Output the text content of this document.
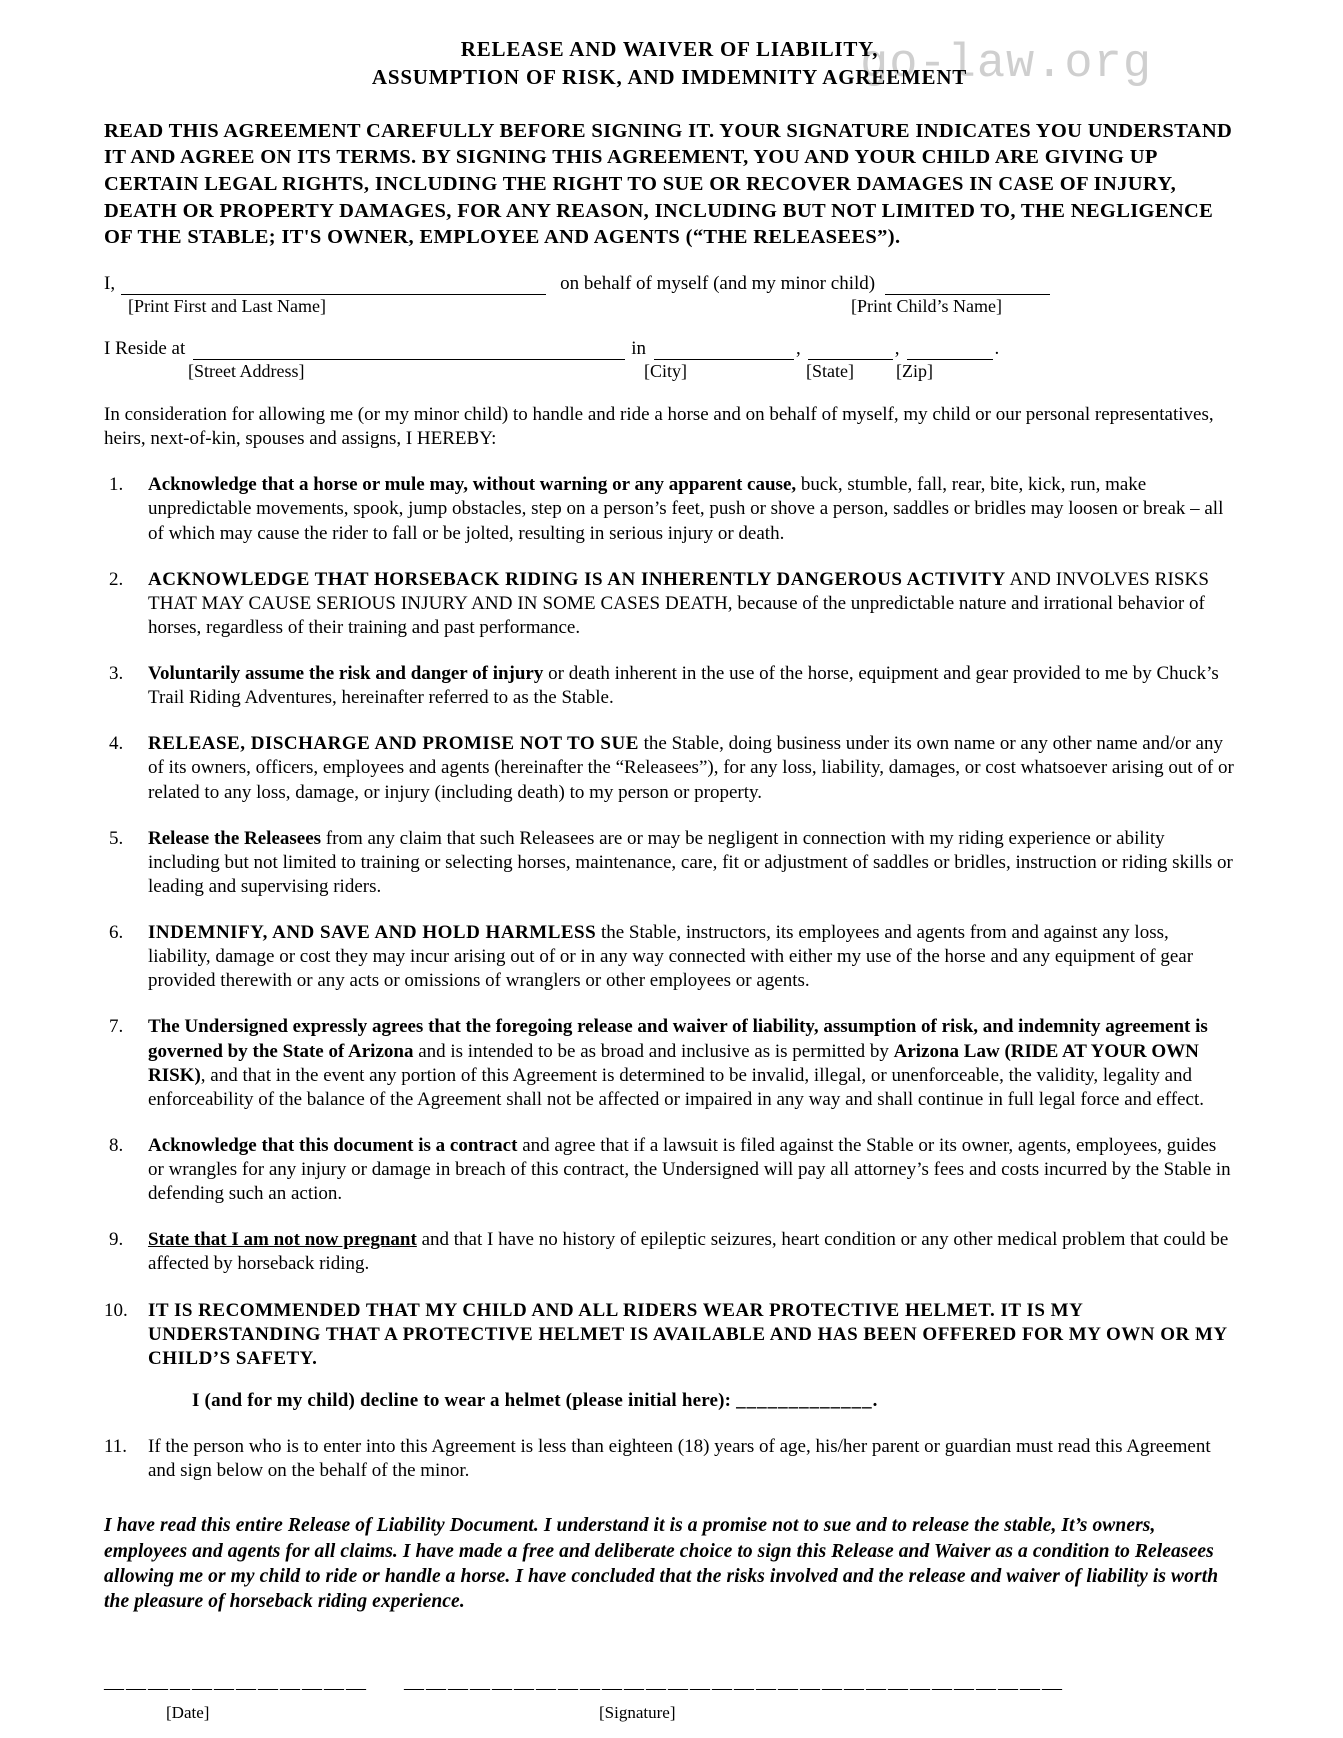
go-law.org
RELEASE AND WAIVER OF LIABILITY,
ASSUMPTION OF RISK, AND IMDEMNITY AGREEMENT
READ THIS AGREEMENT CAREFULLY BEFORE SIGNING IT. YOUR SIGNATURE INDICATES YOU UNDERSTAND IT AND AGREE ON ITS TERMS. BY SIGNING THIS AGREEMENT, YOU AND YOUR CHILD ARE GIVING UP CERTAIN LEGAL RIGHTS, INCLUDING THE RIGHT TO SUE OR RECOVER DAMAGES IN CASE OF INJURY, DEATH OR PROPERTY DAMAGES, FOR ANY REASON, INCLUDING BUT NOT LIMITED TO, THE NEGLIGENCE OF THE STABLE; IT'S OWNER, EMPLOYEE AND AGENTS (“THE RELEASEES”).
I,	on behalf of myself (and my minor child)
[Print First and Last Name]	[Print Child’s Name]
I Reside at	in	,	,	.
[Street Address]	[City]	[State] [Zip]
In consideration for allowing me (or my minor child) to handle and ride a horse and on behalf of myself, my child or our personal representatives, heirs, next-of-kin, spouses and assigns, I HEREBY:
1.	Acknowledge that a horse or mule may, without warning or any apparent cause, buck, stumble, fall, rear, bite, kick, run, make unpredictable movements, spook, jump obstacles, step on a person’s feet, push or shove a person, saddles or bridles may loosen or break – all of which may cause the rider to fall or be jolted, resulting in serious injury or death.
2.	ACKNOWLEDGE THAT HORSEBACK RIDING IS AN INHERENTLY DANGEROUS ACTIVITY AND INVOLVES RISKS THAT MAY CAUSE SERIOUS INJURY AND IN SOME CASES DEATH, because of the unpredictable nature and irrational behavior of horses, regardless of their training and past performance.
3.	Voluntarily assume the risk and danger of injury or death inherent in the use of the horse, equipment and gear provided to me by Chuck’s Trail Riding Adventures, hereinafter referred to as the Stable.
4.	RELEASE, DISCHARGE AND PROMISE NOT TO SUE the Stable, doing business under its own name or any other name and/or any of its owners, officers, employees and agents (hereinafter the “Releasees”), for any loss, liability, damages, or cost whatsoever arising out of or related to any loss, damage, or injury (including death) to my person or property.
5.	Release the Releasees from any claim that such Releasees are or may be negligent in connection with my riding experience or ability including but not limited to training or selecting horses, maintenance, care, fit or adjustment of saddles or bridles, instruction or riding skills or leading and supervising riders.
6.	INDEMNIFY, AND SAVE AND HOLD HARMLESS the Stable, instructors, its employees and agents from and against any loss, liability, damage or cost they may incur arising out of or in any way connected with either my use of the horse and any equipment of gear provided therewith or any acts or omissions of wranglers or other employees or agents.
7.	The Undersigned expressly agrees that the foregoing release and waiver of liability, assumption of risk, and indemnity agreement is governed by the State of Arizona and is intended to be as broad and inclusive as is permitted by Arizona Law (RIDE AT YOUR OWN RISK), and that in the event any portion of this Agreement is determined to be invalid, illegal, or unenforceable, the validity, legality and enforceability of the balance of the Agreement shall not be affected or impaired in any way and shall continue in full legal force and effect.
8.	Acknowledge that this document is a contract and agree that if a lawsuit is filed against the Stable or its owner, agents, employees, guides or wrangles for any injury or damage in breach of this contract, the Undersigned will pay all attorney’s fees and costs incurred by the Stable in defending such an action.
9.	State that I am not now pregnant and that I have no history of epileptic seizures, heart condition or any other medical problem that could be affected by horseback riding.
10.	IT IS RECOMMENDED THAT MY CHILD AND ALL RIDERS WEAR PROTECTIVE HELMET. IT IS MY UNDERSTANDING THAT A PROTECTIVE HELMET IS AVAILABLE AND HAS BEEN OFFERED FOR MY OWN OR MY CHILD’S SAFETY.
I (and for my child) decline to wear a helmet (please initial here): _____________.
11.	If the person who is to enter into this Agreement is less than eighteen (18) years of age, his/her parent or guardian must read this Agreement and sign below on the behalf of the minor.
I have read this entire Release of Liability Document. I understand it is a promise not to sue and to release the stable, It’s owners, employees and agents for all claims. I have made a free and deliberate choice to sign this Release and Waiver as a condition to Releasees allowing me or my child to ride or handle a horse. I have concluded that the risks involved and the release and waiver of liability is worth the pleasure of horseback riding experience.
————————————
[Date]
——————————————————————————————
[Signature]
